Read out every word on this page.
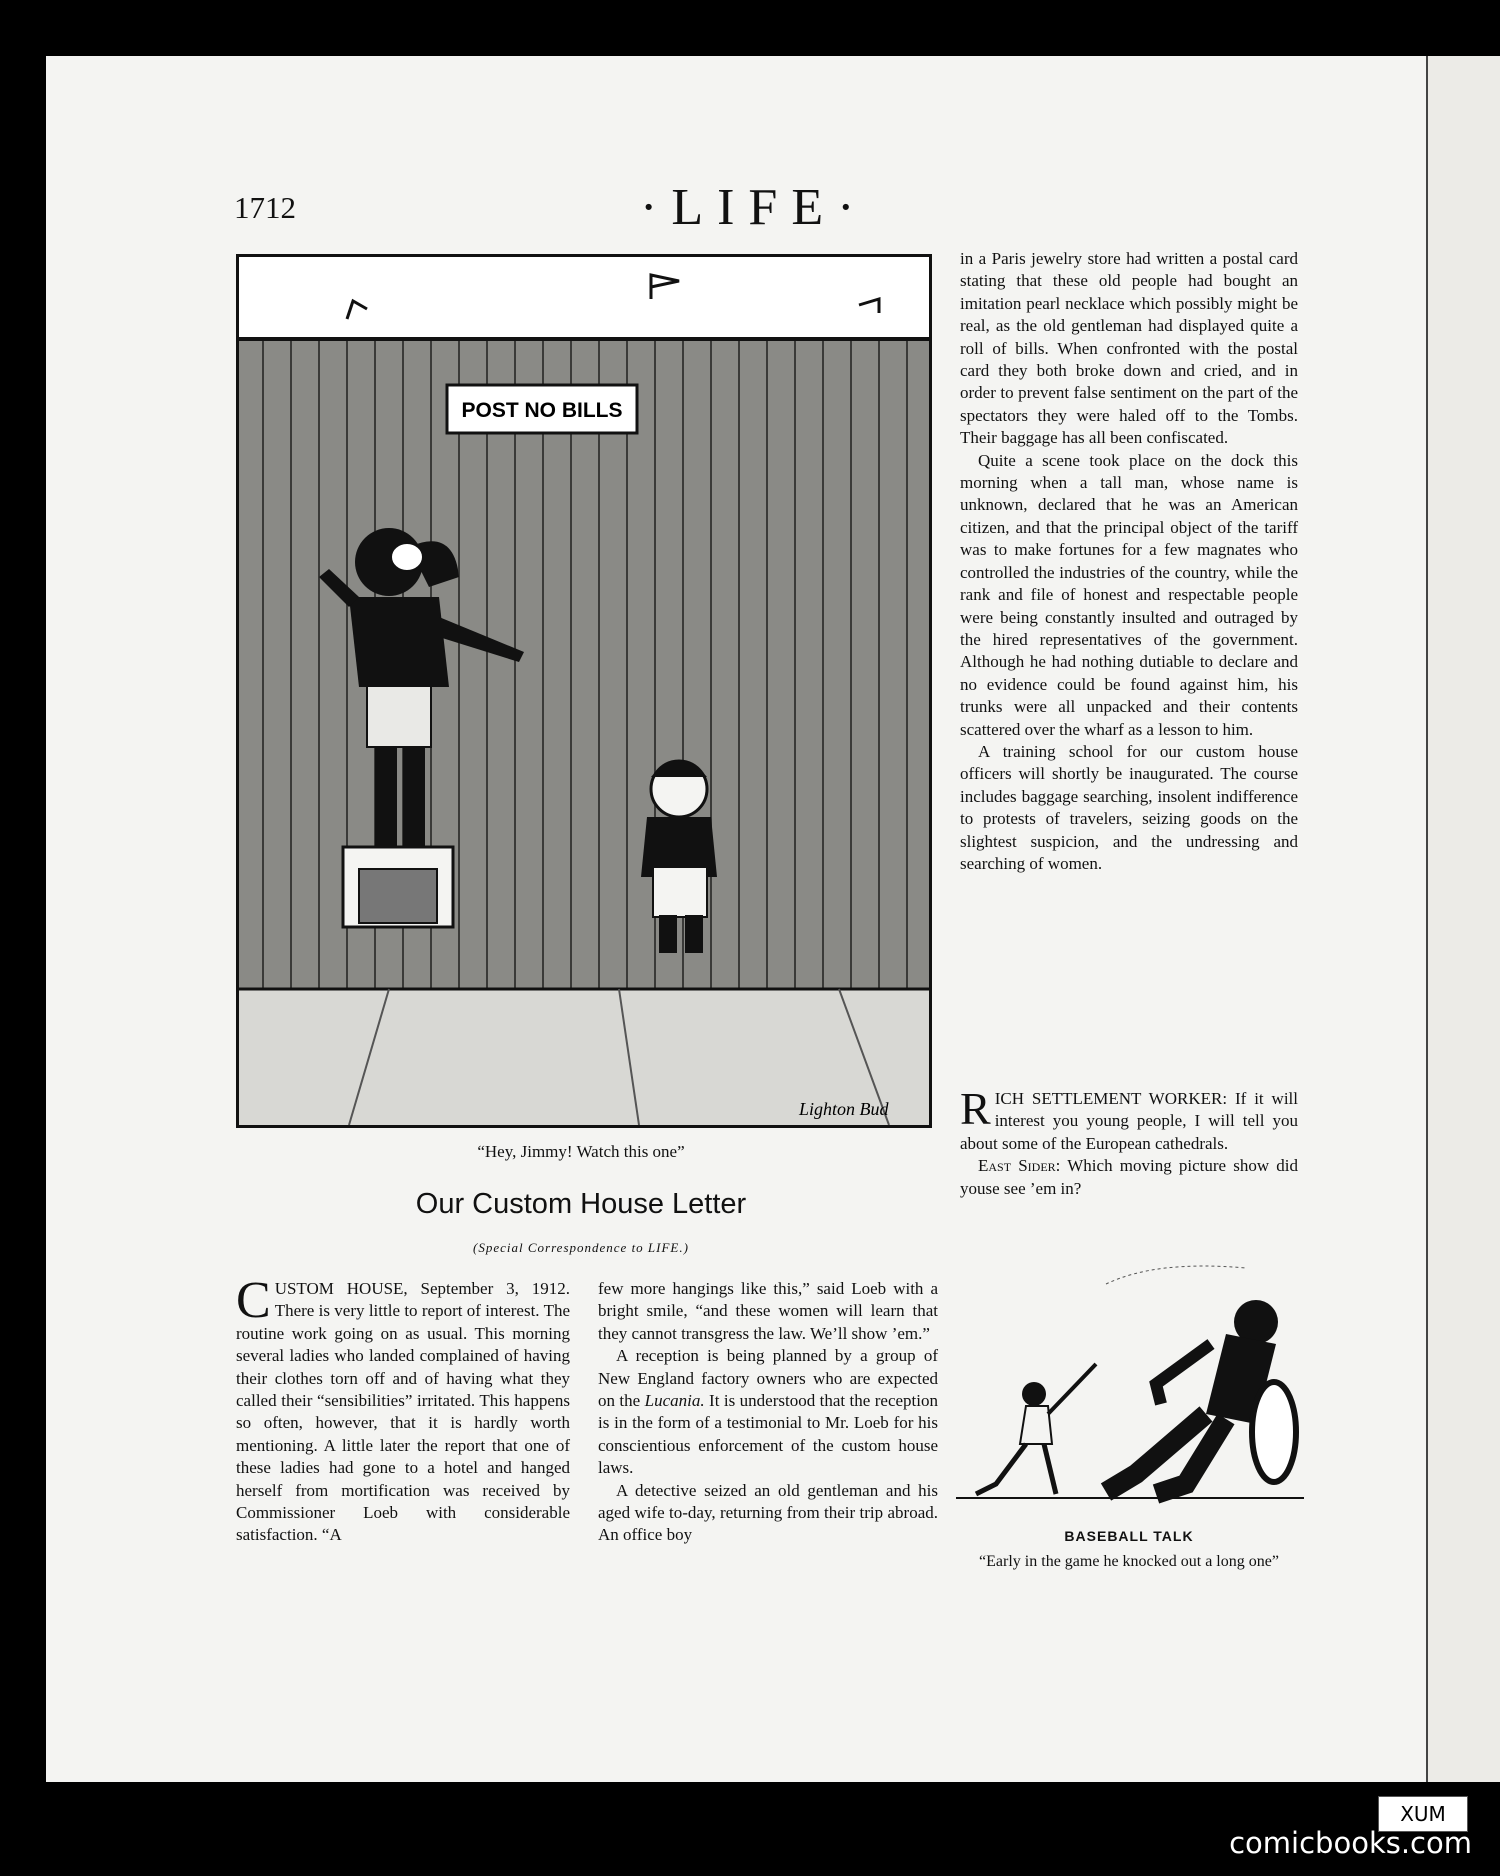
1712	·LIFE·
POST NO BILLS
Lighton Bud
“Hey, Jimmy! Watch this one”
Our Custom House Letter
(Special Correspondence to LIFE.)

CUSTOM HOUSE, September 3, 1912. There is very little to report of interest. The routine work going on as usual. This morning several ladies who landed complained of having their clothes torn off and of having what they called their “sensibilities” irritated. This happens so often, however, that it is hardly worth mentioning. A little later the report that one of these ladies had gone to a hotel and hanged herself from mortification was received by Commissioner Loeb with considerable satisfaction. “A

few more hangings like this,” said Loeb with a bright smile, “and these women will learn that they cannot transgress the law. We’ll show ’em.”

A reception is being planned by a group of New England factory owners who are expected on the Lucania. It is understood that the reception is in the form of a testimonial to Mr. Loeb for his conscientious enforcement of the custom house laws.

A detective seized an old gentleman and his aged wife to-day, returning from their trip abroad. An office boy

in a Paris jewelry store had written a postal card stating that these old people had bought an imitation pearl necklace which possibly might be real, as the old gentleman had displayed quite a roll of bills. When confronted with the postal card they both broke down and cried, and in order to prevent false sentiment on the part of the spectators they were haled off to the Tombs. Their baggage has all been confiscated.

Quite a scene took place on the dock this morning when a tall man, whose name is unknown, declared that he was an American citizen, and that the principal object of the tariff was to make fortunes for a few magnates who controlled the industries of the country, while the rank and file of honest and respectable people were being constantly insulted and outraged by the hired representatives of the government. Although he had nothing dutiable to declare and no evidence could be found against him, his trunks were all unpacked and their contents scattered over the wharf as a lesson to him.

A training school for our custom house officers will shortly be inaugurated. The course includes baggage searching, insolent indifference to protests of travelers, seizing goods on the slightest suspicion, and the undressing and searching of women.

RICH SETTLEMENT WORKER: If it will interest you young people, I will tell you about some of the European cathedrals.

East Sider: Which moving picture show did youse see ’em in?

BASEBALL TALK
“Early in the game he knocked out a long one”
XUM
comicbooks.com
